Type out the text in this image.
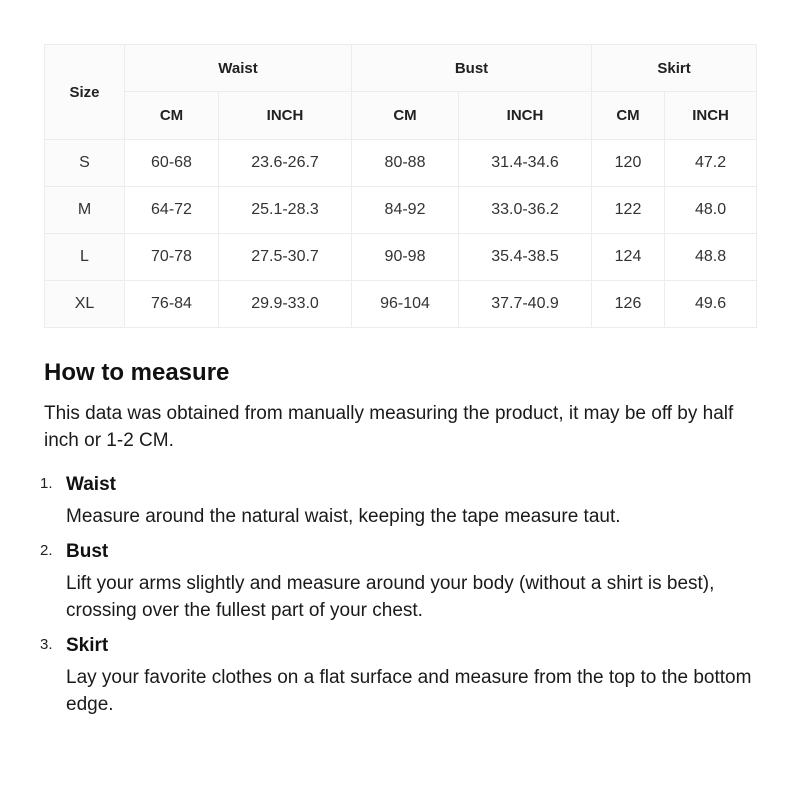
Size	Waist		Bust		Skirt	
	CM	INCH	CM	INCH	CM	INCH
S	60-68	23.6-26.7	80-88	31.4-34.6	120	47.2
M	64-72	25.1-28.3	84-92	33.0-36.2	122	48.0
L	70-78	27.5-30.7	90-98	35.4-38.5	124	48.8
XL	76-84	29.9-33.0	96-104	37.7-40.9	126	49.6
How to measure

This data was obtained from manually measuring the product, it may be off by half inch or 1-2 CM.

1. Waist

Measure around the natural waist, keeping the tape measure taut.

2. Bust

Lift your arms slightly and measure around your body (without a shirt is best), crossing over the fullest part of your chest.

3. Skirt

Lay your favorite clothes on a flat surface and measure from the top to the bottom edge.
